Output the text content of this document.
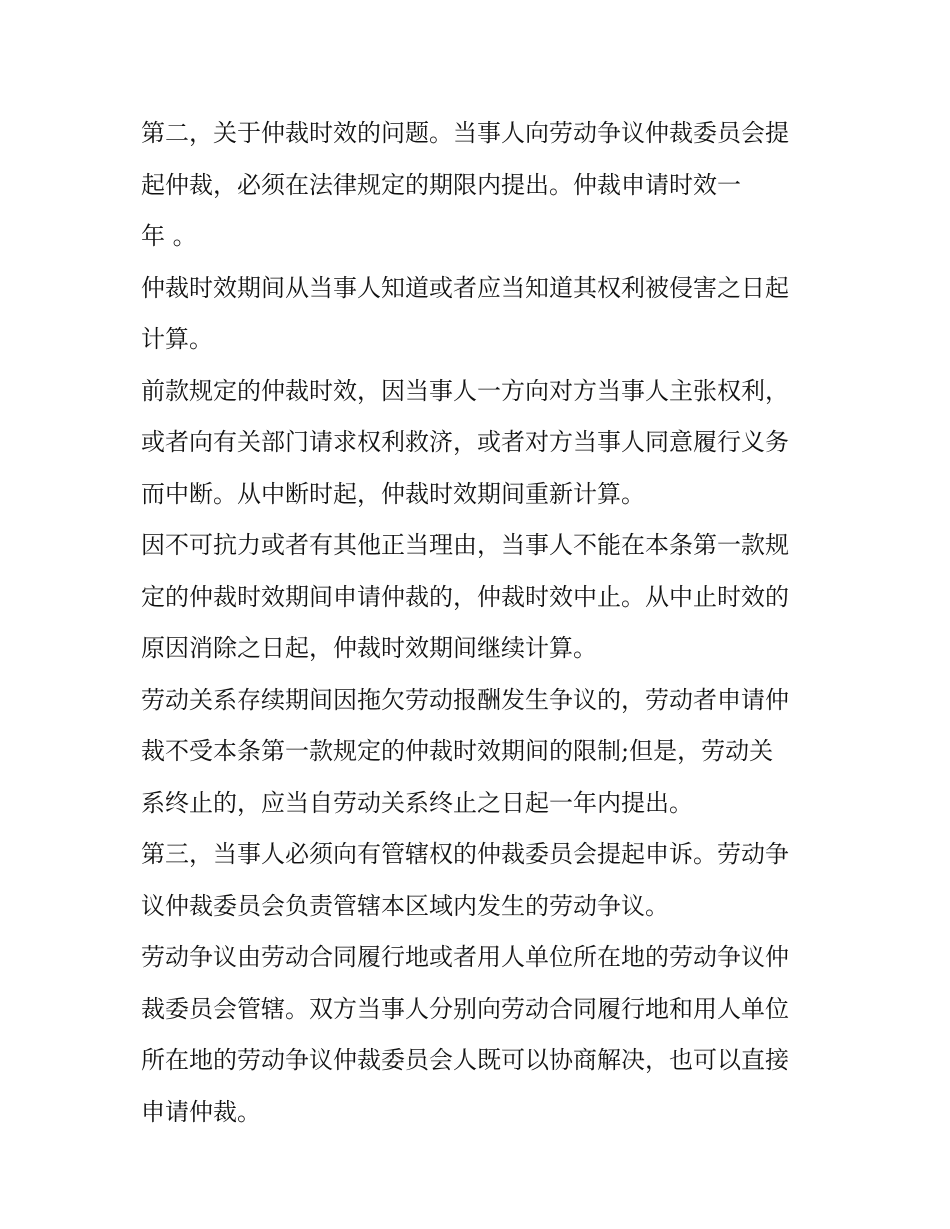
第二，关于仲裁时效的问题。当事人向劳动争议仲裁委员会提
起仲裁，必须在法律规定的期限内提出。仲裁申请时效一
年 。
仲裁时效期间从当事人知道或者应当知道其权利被侵害之日起
计算。
前款规定的仲裁时效，因当事人一方向对方当事人主张权利，
或者向有关部门请求权利救济，或者对方当事人同意履行义务
而中断。从中断时起，仲裁时效期间重新计算。
因不可抗力或者有其他正当理由，当事人不能在本条第一款规
定的仲裁时效期间申请仲裁的，仲裁时效中止。从中止时效的
原因消除之日起，仲裁时效期间继续计算。
劳动关系存续期间因拖欠劳动报酬发生争议的，劳动者申请仲
裁不受本条第一款规定的仲裁时效期间的限制;但是，劳动关
系终止的，应当自劳动关系终止之日起一年内提出。
第三，当事人必须向有管辖权的仲裁委员会提起申诉。劳动争
议仲裁委员会负责管辖本区域内发生的劳动争议。
劳动争议由劳动合同履行地或者用人单位所在地的劳动争议仲
裁委员会管辖。双方当事人分别向劳动合同履行地和用人单位
所在地的劳动争议仲裁委员会人既可以协商解决，也可以直接
申请仲裁。
